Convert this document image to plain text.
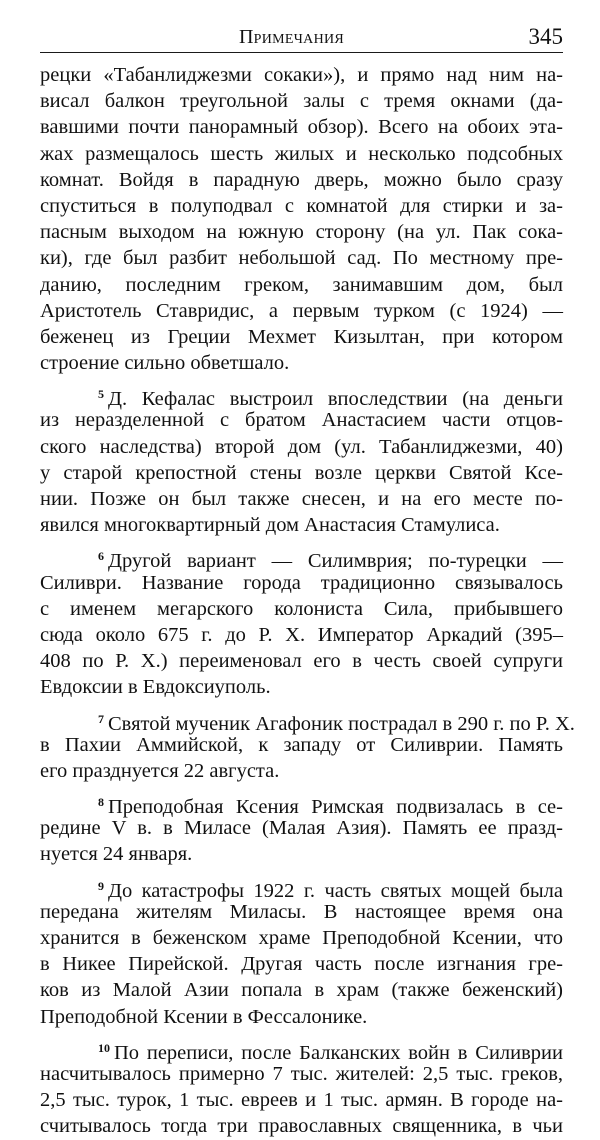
Примечания	345
рецки «Табанлиджезми сокаки»), и прямо над ним на-
висал балкон треугольной залы с тремя окнами (да-
вавшими почти панорамный обзор). Всего на обоих эта-
жах размещалось шесть жилых и несколько подсобных
комнат. Войдя в парадную дверь, можно было сразу
спуститься в полуподвал с комнатой для стирки и за-
пасным выходом на южную сторону (на ул. Пак сока-
ки), где был разбит небольшой сад. По местному пре-
данию, последним греком, занимавшим дом, был
Аристотель Ставридис, а первым турком (с 1924) —
беженец из Греции Мехмет Кизылтан, при котором
строение сильно обветшало.
$^5$ Д. Кефалас выстроил впоследствии (на деньги
из неразделенной с братом Анастасием части отцов-
ского наследства) второй дом (ул. Табанлиджезми, 40)
у старой крепостной стены возле церкви Святой Ксе-
нии. Позже он был также снесен, и на его месте по-
явился многоквартирный дом Анастасия Стамулиса.
$^6$ Другой вариант — Силимврия; по-турецки —
Силиври. Название города традиционно связывалось
с именем мегарского колониста Сила, прибывшего
сюда около 675 г. до Р. Х. Император Аркадий (395–
408 по Р. Х.) переименовал его в честь своей супруги
Евдоксии в Евдоксиуполь.
$^7$ Святой мученик Агафоник пострадал в 290 г. по Р. Х.
в Пахии Аммийской, к западу от Силиврии. Память
его празднуется 22 августа.
$^8$ Преподобная Ксения Римская подвизалась в се-
редине V в. в Миласе (Малая Азия). Память ее празд-
нуется 24 января.
$^9$ До катастрофы 1922 г. часть святых мощей была
передана жителям Миласы. В настоящее время она
хранится в беженском храме Преподобной Ксении, что
в Никее Пирейской. Другая часть после изгнания гре-
ков из Малой Азии попала в храм (также беженский)
Преподобной Ксении в Фессалонике.
$^{10}$ По переписи, после Балканских войн в Силиврии
насчитывалось примерно 7 тыс. жителей: 2,5 тыс. греков,
2,5 тыс. турок, 1 тыс. евреев и 1 тыс. армян. В городе на-
считывалось тогда три православных священника, в чьи
